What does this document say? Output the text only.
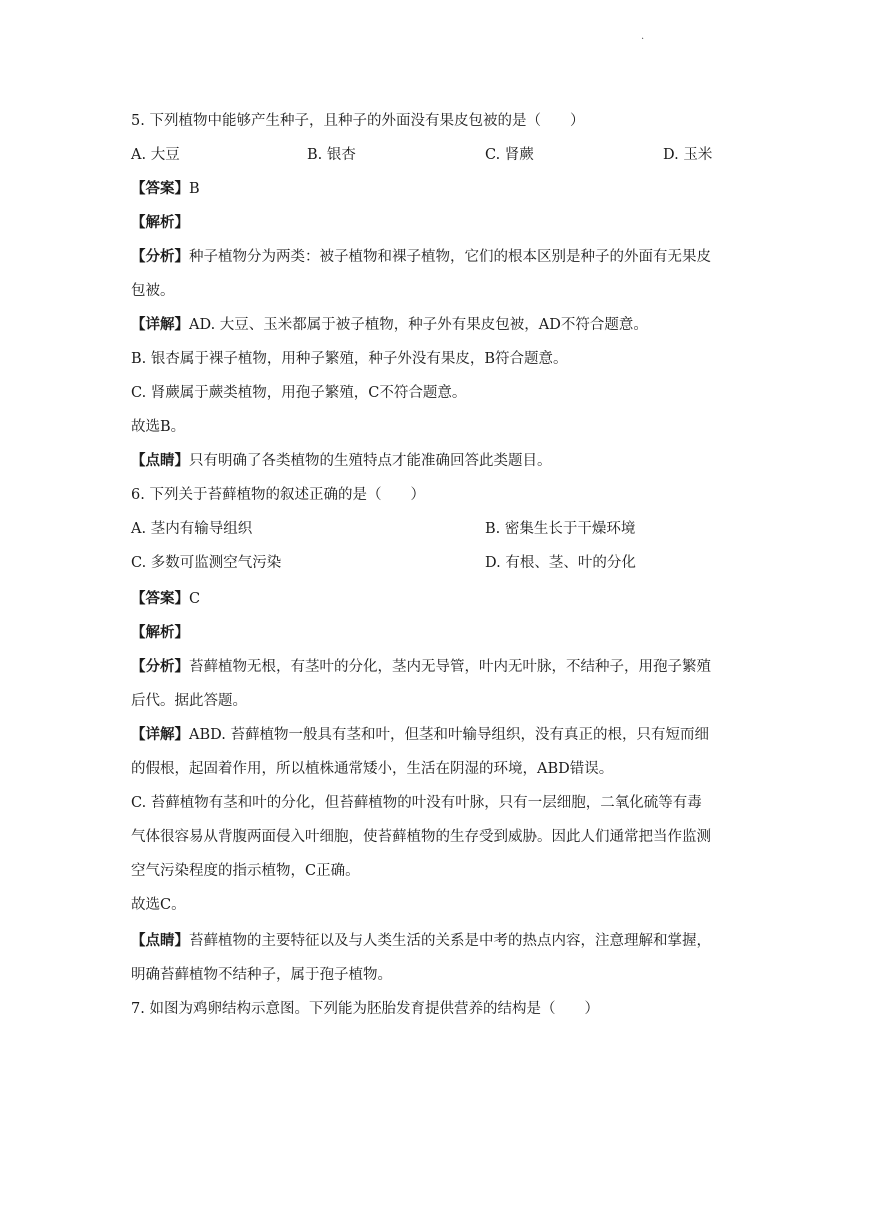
.

5. 下列植物中能够产生种子，且种子的外面没有果皮包被的是（　　）

A. 大豆	B. 银杏	C. 肾蕨	D. 玉米

【答案】B

【解析】

【分析】种子植物分为两类：被子植物和裸子植物，它们的根本区别是种子的外面有无果皮

包被。

【详解】AD. 大豆、玉米都属于被子植物，种子外有果皮包被，AD不符合题意。

B. 银杏属于裸子植物，用种子繁殖，种子外没有果皮，B符合题意。

C. 肾蕨属于蕨类植物，用孢子繁殖，C不符合题意。

故选B。

【点睛】只有明确了各类植物的生殖特点才能准确回答此类题目。

6. 下列关于苔藓植物的叙述正确的是（　　）

A. 茎内有输导组织	B. 密集生长于干燥环境
C. 多数可监测空气污染	D. 有根、茎、叶的分化

【答案】C

【解析】

【分析】苔藓植物无根，有茎叶的分化，茎内无导管，叶内无叶脉，不结种子，用孢子繁殖

后代。据此答题。

【详解】ABD. 苔藓植物一般具有茎和叶，但茎和叶输导组织，没有真正的根，只有短而细

的假根，起固着作用，所以植株通常矮小，生活在阴湿的环境，ABD错误。

C. 苔藓植物有茎和叶的分化，但苔藓植物的叶没有叶脉，只有一层细胞，二氧化硫等有毒

气体很容易从背腹两面侵入叶细胞，使苔藓植物的生存受到威胁。因此人们通常把当作监测

空气污染程度的指示植物，C正确。

故选C。

【点睛】苔藓植物的主要特征以及与人类生活的关系是中考的热点内容，注意理解和掌握，

明确苔藓植物不结种子，属于孢子植物。

7. 如图为鸡卵结构示意图。下列能为胚胎发育提供营养的结构是（　　）
